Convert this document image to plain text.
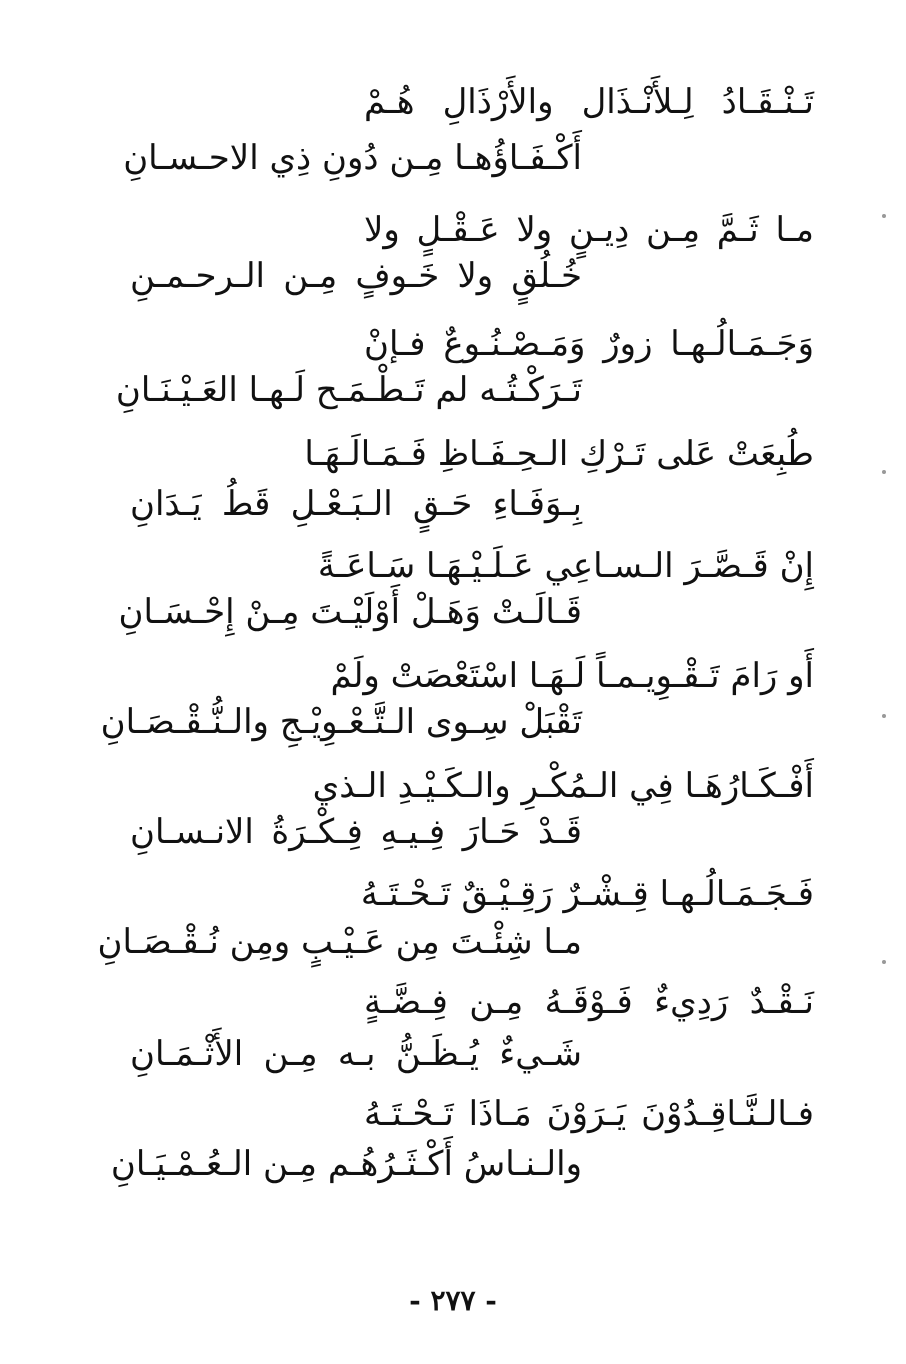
تَـنْـقَـادُ لِـلأَنْـذَال والأَرْذَالِ هُـمْ
أَكْـفَـاؤُهـا مِـن دُونِ ذِي الاحـسـانِ
مـا ثَـمَّ مِـن دِيـنٍ ولا عَـقْـلٍ ولا
خُـلُقٍ ولا خَـوفٍ مِـن الـرحـمـنِ
وَجَـمَـالُـهـا زورٌ وَمَـصْـنُـوعٌ فـإنْ
تَـرَكْـتُـه لم تَـطْـمَـح لَـهـا العَـيْـنَـانِ
طُبِعَتْ عَلى تَـرْكِ الـحِـفَـاظِ فَـمَـالَـهَـا
بِـوَفَـاءِ حَـقٍ الـبَـعْـلِ قَطُ يَـدَانِ
إِنْ قَـصَّـرَ الـسـاعِي عَـلَـيْـهَـا سَـاعَـةً
قَـالَـتْ وَهَـلْ أَوْلَيْـتَ مِـنْ إِحْـسَـانِ
أَو رَامَ تَـقْـوِيـمـاً لَـهَـا اسْتَعْصَتْ ولَمْ
تَقْبَلْ سِـوى الـتَّـعْـوِيْـجِ والـنُّـقْـصَـانِ
أَفْـكَـارُهَـا فِي الـمُكْـرِ والـكَـيْـدِ الـذي
قَـدْ حَـارَ فِـيـهِ فِـكْـرَةُ الانـسـانِ
فَـجَـمَـالُـهـا قِـشْـرٌ رَقِـيْـقٌ تَـحْـتَـهُ
مـا شِئْـتَ مِن عَـيْـبٍ ومِن نُـقْـصَـانِ
نَـقْـدٌ رَدِيءٌ فَـوْقَـهُ مِـن فِـضَّـةٍ
شَـيءٌ يُـظَـنُّ بـه مِـن الأَثْـمَـانِ
فـالـنَّـاقِـدُوْنَ يَـرَوْنَ مَـاذَا تَـحْـتَـهُ
والـنـاسُ أَكْـثَـرُهُـم مِـن الـعُـمْـيَـانِ
- ٢٧٧ -
